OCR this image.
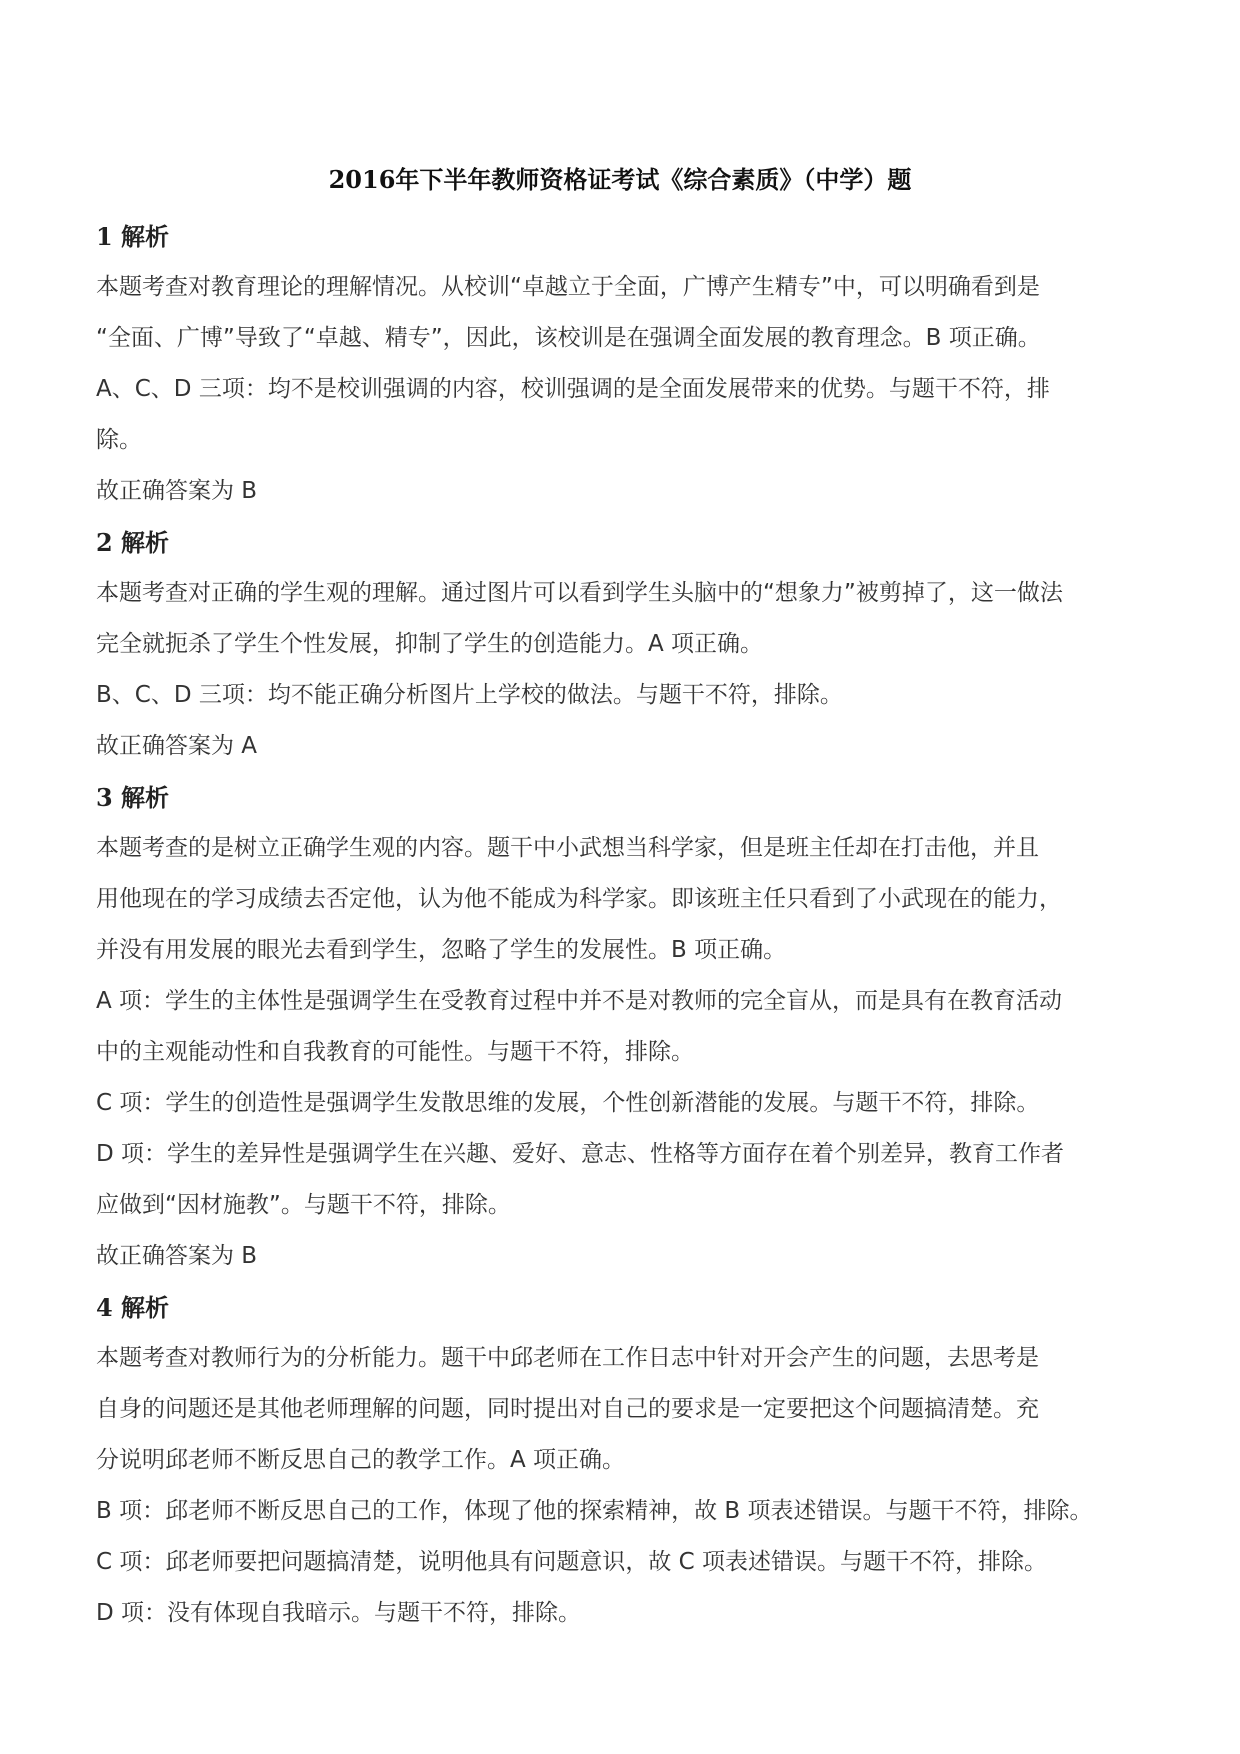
2016年下半年教师资格证考试《综合素质》（中学）题

1 解析

本题考查对教育理论的理解情况。从校训“卓越立于全面，广博产生精专”中，可以明确看到是

“全面、广博”导致了“卓越、精专”，因此，该校训是在强调全面发展的教育理念。B 项正确。

A、C、D 三项：均不是校训强调的内容，校训强调的是全面发展带来的优势。与题干不符，排

除。

故正确答案为 B

2 解析

本题考查对正确的学生观的理解。通过图片可以看到学生头脑中的“想象力”被剪掉了，这一做法

完全就扼杀了学生个性发展，抑制了学生的创造能力。A 项正确。

B、C、D 三项：均不能正确分析图片上学校的做法。与题干不符，排除。

故正确答案为 A

3 解析

本题考查的是树立正确学生观的内容。题干中小武想当科学家，但是班主任却在打击他，并且

用他现在的学习成绩去否定他，认为他不能成为科学家。即该班主任只看到了小武现在的能力，

并没有用发展的眼光去看到学生，忽略了学生的发展性。B 项正确。

A 项：学生的主体性是强调学生在受教育过程中并不是对教师的完全盲从，而是具有在教育活动

中的主观能动性和自我教育的可能性。与题干不符，排除。

C 项：学生的创造性是强调学生发散思维的发展，个性创新潜能的发展。与题干不符，排除。

D 项：学生的差异性是强调学生在兴趣、爱好、意志、性格等方面存在着个别差异，教育工作者

应做到“因材施教”。与题干不符，排除。

故正确答案为 B

4 解析

本题考查对教师行为的分析能力。题干中邱老师在工作日志中针对开会产生的问题，去思考是

自身的问题还是其他老师理解的问题，同时提出对自己的要求是一定要把这个问题搞清楚。充

分说明邱老师不断反思自己的教学工作。A 项正确。

B 项：邱老师不断反思自己的工作，体现了他的探索精神，故 B 项表述错误。与题干不符，排除。

C 项：邱老师要把问题搞清楚，说明他具有问题意识，故 C 项表述错误。与题干不符，排除。

D 项：没有体现自我暗示。与题干不符，排除。
